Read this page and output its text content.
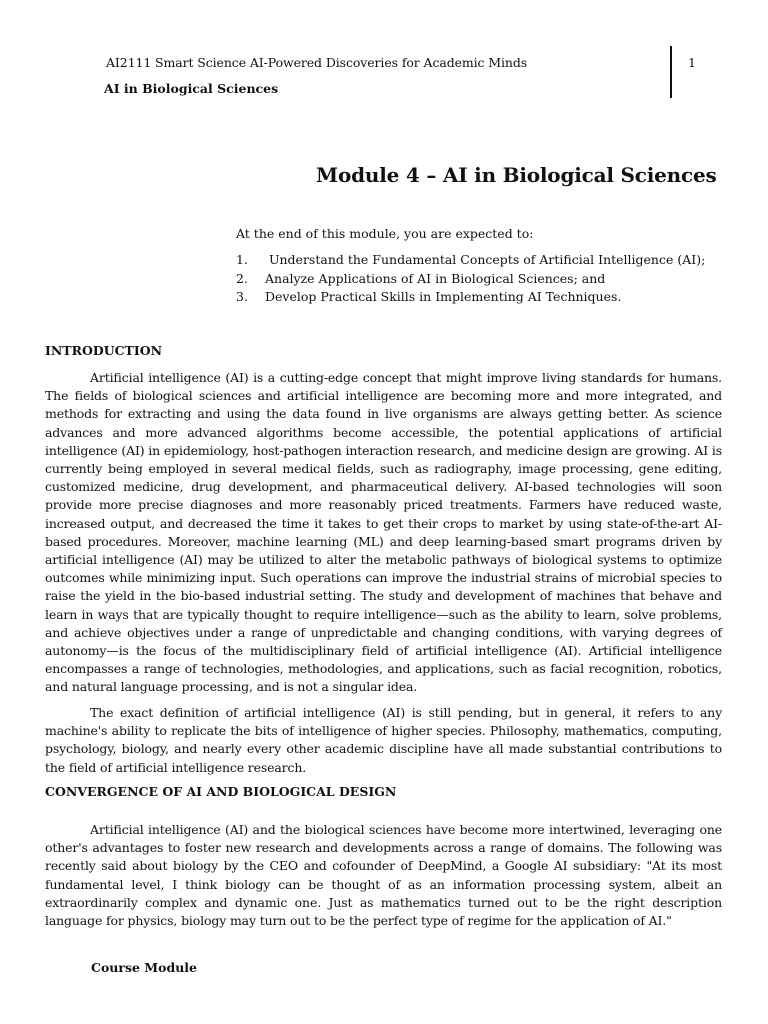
AI2111 Smart Science AI-Powered Discoveries for Academic Minds
AI in Biological Sciences
1
Module 4 – AI in Biological Sciences
At the end of this module, you are expected to:
1. Understand the Fundamental Concepts of Artificial Intelligence (AI);
2. Analyze Applications of AI in Biological Sciences; and
3. Develop Practical Skills in Implementing AI Techniques.
INTRODUCTION

Artificial intelligence (AI) is a cutting-edge concept that might improve living standards for humans. The fields of biological sciences and artificial intelligence are becoming more and more integrated, and methods for extracting and using the data found in live organisms are always getting better. As science advances and more advanced algorithms become accessible, the potential applications of artificial intelligence (AI) in epidemiology, host-pathogen interaction research, and medicine design are growing. AI is currently being employed in several medical fields, such as radiography, image processing, gene editing, customized medicine, drug development, and pharmaceutical delivery. AI-based technologies will soon provide more precise diagnoses and more reasonably priced treatments. Farmers have reduced waste, increased output, and decreased the time it takes to get their crops to market by using state-of-the-art AI-based procedures. Moreover, machine learning (ML) and deep learning-based smart programs driven by artificial intelligence (AI) may be utilized to alter the metabolic pathways of biological systems to optimize outcomes while minimizing input. Such operations can improve the industrial strains of microbial species to raise the yield in the bio-based industrial setting. The study and development of machines that behave and learn in ways that are typically thought to require intelligence—such as the ability to learn, solve problems, and achieve objectives under a range of unpredictable and changing conditions, with varying degrees of autonomy—is the focus of the multidisciplinary field of artificial intelligence (AI). Artificial intelligence encompasses a range of technologies, methodologies, and applications, such as facial recognition, robotics, and natural language processing, and is not a singular idea.

The exact definition of artificial intelligence (AI) is still pending, but in general, it refers to any machine's ability to replicate the bits of intelligence of higher species. Philosophy, mathematics, computing, psychology, biology, and nearly every other academic discipline have all made substantial contributions to the field of artificial intelligence research.

CONVERGENCE OF AI AND BIOLOGICAL DESIGN

Artificial intelligence (AI) and the biological sciences have become more intertwined, leveraging one other's advantages to foster new research and developments across a range of domains. The following was recently said about biology by the CEO and cofounder of DeepMind, a Google AI subsidiary: "At its most fundamental level, I think biology can be thought of as an information processing system, albeit an extraordinarily complex and dynamic one. Just as mathematics turned out to be the right description language for physics, biology may turn out to be the perfect type of regime for the application of AI."

Course Module
